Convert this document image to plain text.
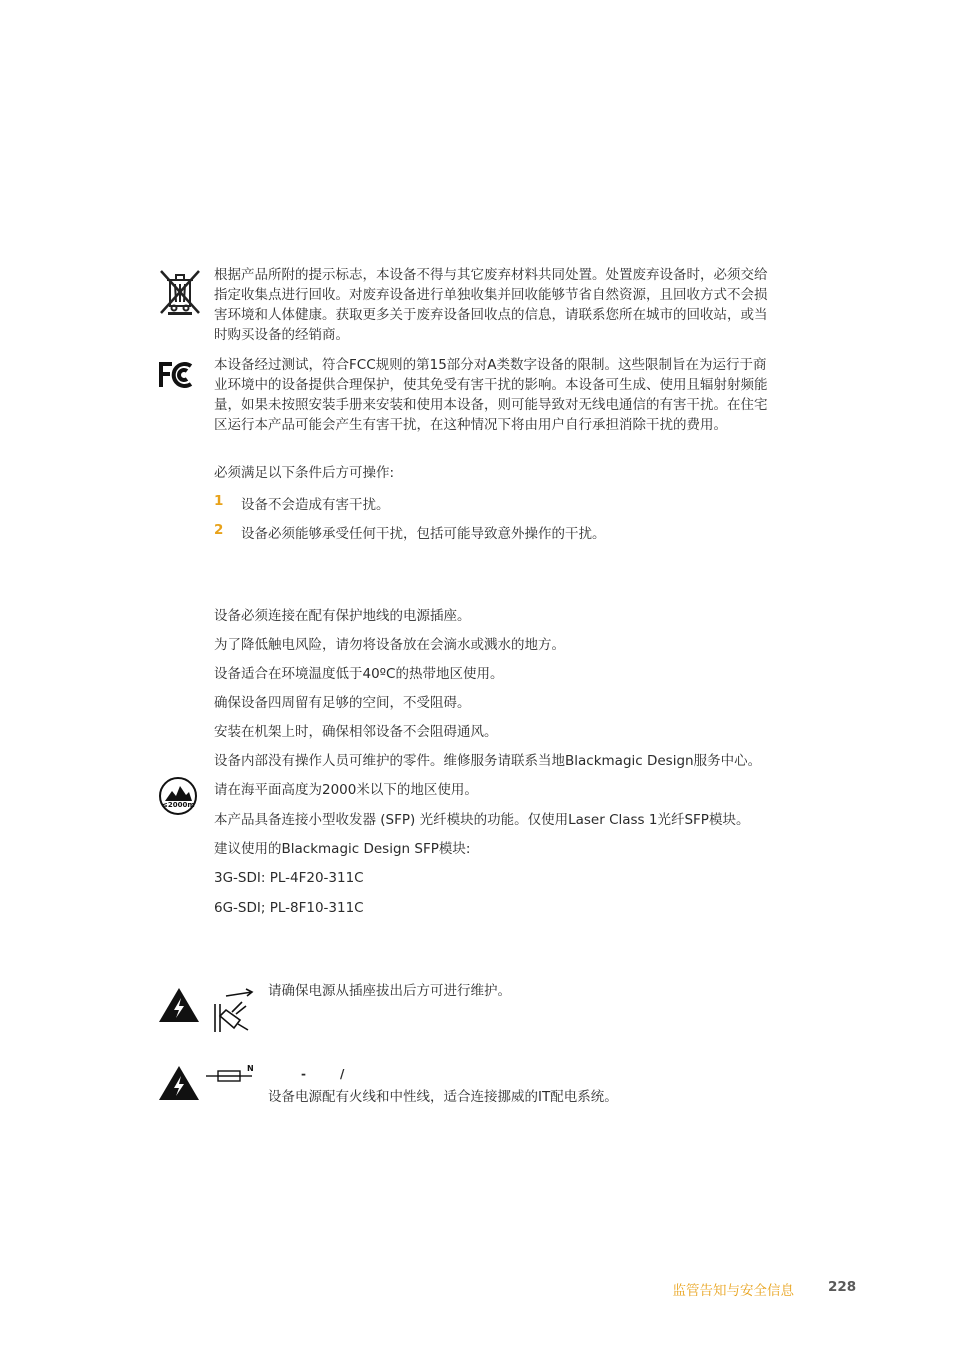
根据产品所附的提示标志，本设备不得与其它废弃材料共同处置。处置废弃设备时，必须交给指定收集点进行回收。对废弃设备进行单独收集并回收能够节省自然资源，且回收方式不会损害环境和人体健康。获取更多关于废弃设备回收点的信息，请联系您所在城市的回收站，或当时购买设备的经销商。
本设备经过测试，符合FCC规则的第15部分对A类数字设备的限制。这些限制旨在为运行于商业环境中的设备提供合理保护，使其免受有害干扰的影响。本设备可生成、使用且辐射射频能量，如果未按照安装手册来安装和使用本设备，则可能导致对无线电通信的有害干扰。在住宅区运行本产品可能会产生有害干扰，在这种情况下将由用户自行承担消除干扰的费用。
必须满足以下条件后方可操作:
1 设备不会造成有害干扰。
2 设备必须能够承受任何干扰，包括可能导致意外操作的干扰。
设备必须连接在配有保护地线的电源插座。
为了降低触电风险，请勿将设备放在会滴水或溅水的地方。
设备适合在环境温度低于40ºC的热带地区使用。
确保设备四周留有足够的空间，不受阻碍。
安装在机架上时，确保相邻设备不会阻碍通风。
设备内部没有操作人员可维护的零件。维修服务请联系当地Blackmagic Design服务中心。
≤2000m
请在海平面高度为2000米以下的地区使用。
本产品具备连接小型收发器 (SFP) 光纤模块的功能。仅使用Laser Class 1光纤SFP模块。
建议使用的Blackmagic Design SFP模块:
3G-SDI: PL-4F20-311C
6G-SDI; PL-8F10-311C
请确保电源从插座拔出后方可进行维护。
N	-	/
设备电源配有火线和中性线，适合连接挪威的IT配电系统。
监管告知与安全信息	228
